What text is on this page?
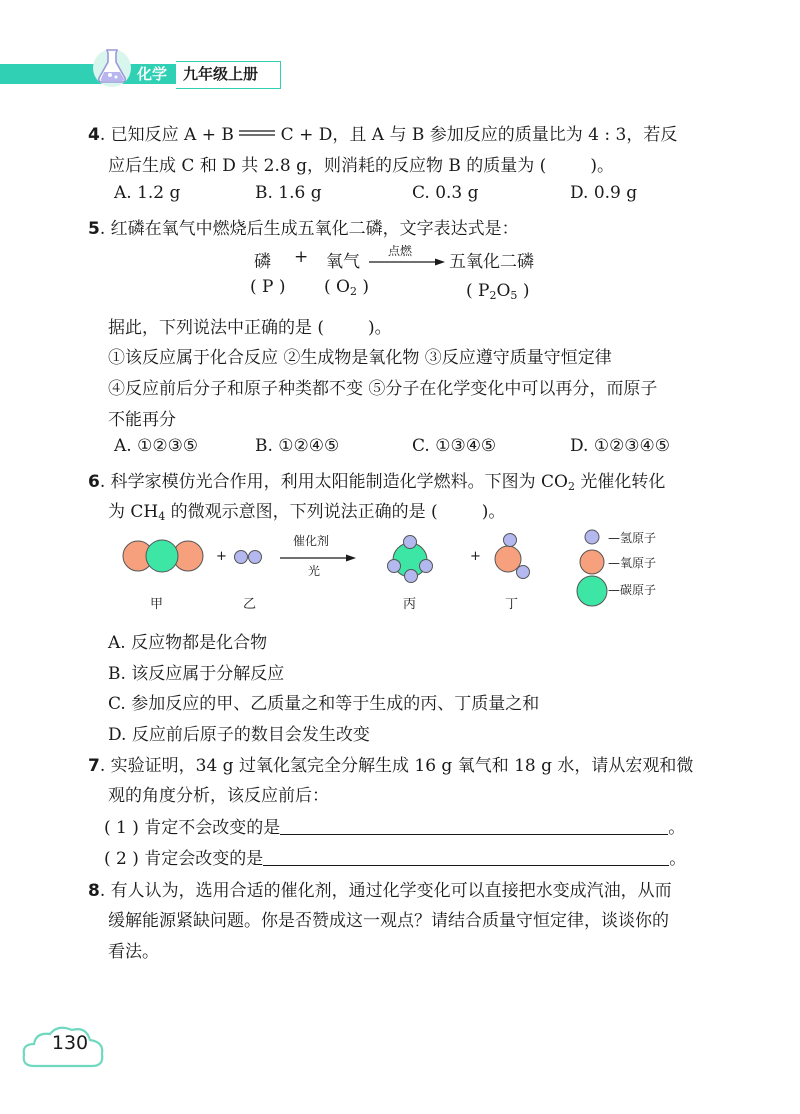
化学 九年级上册
4. 已知反应 A + B  C + D，且 A 与 B 参加反应的质量比为 4 : 3，若反
应后生成 C 和 D 共 2.8 g，则消耗的反应物 B 的质量为 (	)。
A. 1.2 g	B. 1.6 g	C. 0.3 g	D. 0.9 g
5. 红磷在氧气中燃烧后生成五氧化二磷，文字表达式是：
磷 + 氧气
点燃
五氧化二磷
( P ) ( $O_2$ )	( $P_2O_5$ )
据此，下列说法中正确的是 (	)。
①该反应属于化合反应 ②生成物是氧化物 ③反应遵守质量守恒定律
④反应前后分子和原子种类都不变 ⑤分子在化学变化中可以再分，而原子
不能再分
A. ①②③⑤	B. ①②④⑤	C. ①③④⑤	D. ①②③④⑤
6. 科学家模仿光合作用，利用太阳能制造化学燃料。下图为 $CO_2$ 光催化转化
为 $CH_4$ 的微观示意图，下列说法正确的是 (	)。
+
催化剂
光
+
甲	乙	丙	丁
—氢原子
—氧原子
—碳原子
A. 反应物都是化合物
B. 该反应属于分解反应
C. 参加反应的甲、乙质量之和等于生成的丙、丁质量之和
D. 反应前后原子的数目会发生改变
7. 实验证明，34 g 过氧化氢完全分解生成 16 g 氧气和 18 g 水，请从宏观和微
观的角度分析，该反应前后：
( 1 ) 肯定不会改变的是	。
( 2 ) 肯定会改变的是	。
8. 有人认为，选用合适的催化剂，通过化学变化可以直接把水变成汽油，从而
缓解能源紧缺问题。你是否赞成这一观点？请结合质量守恒定律，谈谈你的
看法。
130
